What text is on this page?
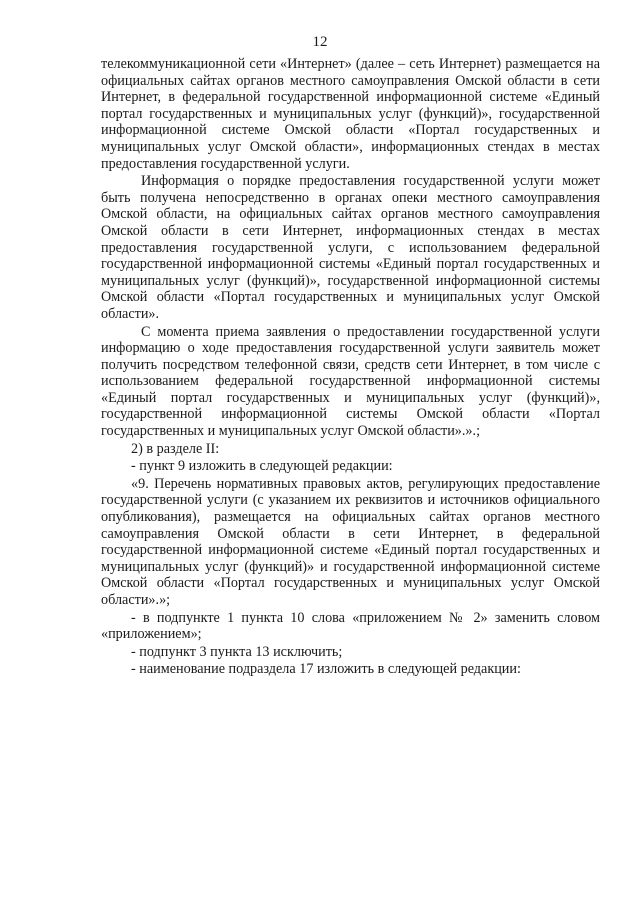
12

телекоммуникационной сети «Интернет» (далее – сеть Интернет) размещается на официальных сайтах органов местного самоуправления Омской области в сети Интернет, в федеральной государственной информационной системе «Единый портал государственных и муниципальных услуг (функций)», государственной информационной системе Омской области «Портал государственных и муниципальных услуг Омской области», информационных стендах в местах предоставления государственной услуги.

Информация о порядке предоставления государственной услуги может быть получена непосредственно в органах опеки местного самоуправления Омской области, на официальных сайтах органов местного самоуправления Омской области в сети Интернет, информационных стендах в местах предоставления государственной услуги, с использованием федеральной государственной информационной системы «Единый портал государственных и муниципальных услуг (функций)», государственной информационной системы Омской области «Портал государственных и муниципальных услуг Омской области».

С момента приема заявления о предоставлении государственной услуги информацию о ходе предоставления государственной услуги заявитель может получить посредством телефонной связи, средств сети Интернет, в том числе с использованием федеральной государственной информационной системы «Единый портал государственных и муниципальных услуг (функций)», государственной информационной системы Омской области «Портал государственных и муниципальных услуг Омской области».».;

2) в разделе II:

- пункт 9 изложить в следующей редакции:

«9. Перечень нормативных правовых актов, регулирующих предоставление государственной услуги (с указанием их реквизитов и источников официального опубликования), размещается на официальных сайтах органов местного самоуправления Омской области в сети Интернет, в федеральной государственной информационной системе «Единый портал государственных и муниципальных услуг (функций)» и государственной информационной системе Омской области «Портал государственных и муниципальных услуг Омской области».»;

- в подпункте 1 пункта 10 слова «приложением № 2» заменить словом «приложением»;

- подпункт 3 пункта 13 исключить;

- наименование подраздела 17 изложить в следующей редакции:
